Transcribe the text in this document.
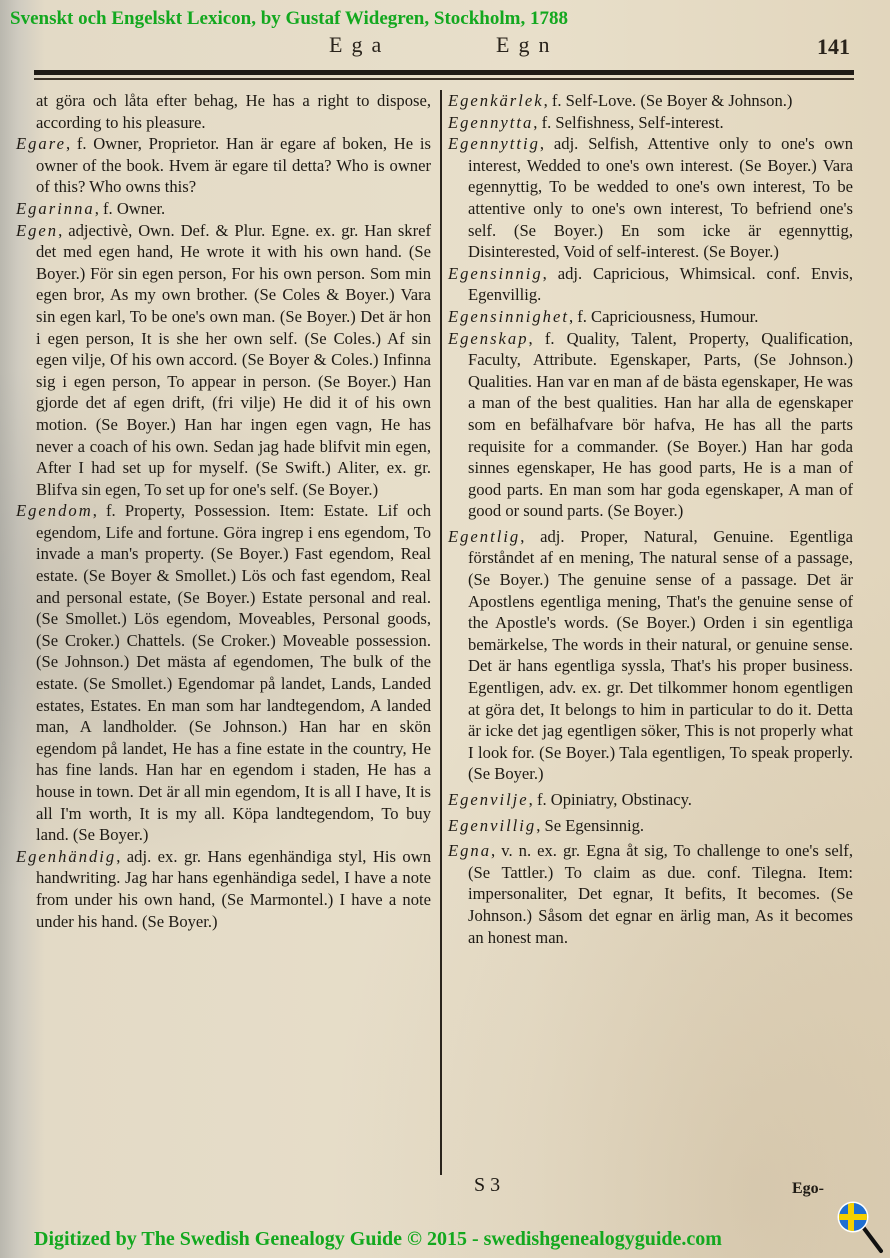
Svenskt och Engelskt Lexicon, by Gustaf Widegren, Stockholm, 1788
Ega	Egn	141

at göra och låta efter behag, He has a right to dispose, according to his pleasure.

Egare, f. Owner, Proprietor. Han är egare af boken, He is owner of the book. Hvem är egare til detta? Who is owner of this? Who owns this?

Egarinna, f. Owner.

Egen, adjectivè, Own. Def. & Plur. Egne. ex. gr. Han skref det med egen hand, He wrote it with his own hand. (Se Boyer.) För sin egen person, For his own person. Som min egen bror, As my own brother. (Se Coles & Boyer.) Vara sin egen karl, To be one's own man. (Se Boyer.) Det är hon i egen person, It is she her own self. (Se Coles.) Af sin egen vilje, Of his own accord. (Se Boyer & Coles.) Infinna sig i egen person, To appear in person. (Se Boyer.) Han gjorde det af egen drift, (fri vilje) He did it of his own motion. (Se Boyer.) Han har ingen egen vagn, He has never a coach of his own. Sedan jag hade blifvit min egen, After I had set up for myself. (Se Swift.) Aliter, ex. gr. Blifva sin egen, To set up for one's self. (Se Boyer.)

Egendom, f. Property, Possession. Item: Estate. Lif och egendom, Life and fortune. Göra ingrep i ens egendom, To invade a man's property. (Se Boyer.) Fast egendom, Real estate. (Se Boyer & Smollet.) Lös och fast egendom, Real and personal estate, (Se Boyer.) Estate personal and real. (Se Smollet.) Lös egendom, Moveables, Personal goods, (Se Croker.) Chattels. (Se Croker.) Moveable possession. (Se Johnson.) Det mästa af egendomen, The bulk of the estate. (Se Smollet.) Egendomar på landet, Lands, Landed estates, Estates. En man som har landtegendom, A landed man, A landholder. (Se Johnson.) Han har en skön egendom på landet, He has a fine estate in the country, He has fine lands. Han har en egendom i staden, He has a house in town. Det är all min egendom, It is all I have, It is all I'm worth, It is my all. Köpa landtegendom, To buy land. (Se Boyer.)

Egenhändig, adj. ex. gr. Hans egenhändiga styl, His own handwriting. Jag har hans egenhändiga sedel, I have a note from under his own hand, (Se Marmontel.) I have a note under his hand. (Se Boyer.)

Egenkärlek, f. Self-Love. (Se Boyer & Johnson.)

Egennytta, f. Selfishness, Self-interest.

Egennyttig, adj. Selfish, Attentive only to one's own interest, Wedded to one's own interest. (Se Boyer.) Vara egennyttig, To be wedded to one's own interest, To be attentive only to one's own interest, To befriend one's self. (Se Boyer.) En som icke är egennyttig, Disinterested, Void of self-interest. (Se Boyer.)

Egensinnig, adj. Capricious, Whimsical. conf. Envis, Egenvillig.

Egensinnighet, f. Capriciousness, Humour.

Egenskap, f. Quality, Talent, Property, Qualification, Faculty, Attribute. Egenskaper, Parts, (Se Johnson.) Qualities. Han var en man af de bästa egenskaper, He was a man of the best qualities. Han har alla de egenskaper som en befälhafvare bör hafva, He has all the parts requisite for a commander. (Se Boyer.) Han har goda sinnes egenskaper, He has good parts, He is a man of good parts. En man som har goda egenskaper, A man of good or sound parts. (Se Boyer.)

Egentlig, adj. Proper, Natural, Genuine. Egentliga förståndet af en mening, The natural sense of a passage, (Se Boyer.) The genuine sense of a passage. Det är Apostlens egentliga mening, That's the genuine sense of the Apostle's words. (Se Boyer.) Orden i sin egentliga bemärkelse, The words in their natural, or genuine sense. Det är hans egentliga syssla, That's his proper business. Egentligen, adv. ex. gr. Det tilkommer honom egentligen at göra det, It belongs to him in particular to do it. Detta är icke det jag egentligen söker, This is not properly what I look for. (Se Boyer.) Tala egentligen, To speak properly. (Se Boyer.)

Egenvilje, f. Opiniatry, Obstinacy.

Egenvillig, Se Egensinnig.

Egna, v. n. ex. gr. Egna åt sig, To challenge to one's self, (Se Tattler.) To claim as due. conf. Tilegna. Item: impersonaliter, Det egnar, It befits, It becomes. (Se Johnson.) Såsom det egnar en ärlig man, As it becomes an honest man.

S 3	Ego-
Digitized by The Swedish Genealogy Guide © 2015 - swedishgenealogyguide.com
